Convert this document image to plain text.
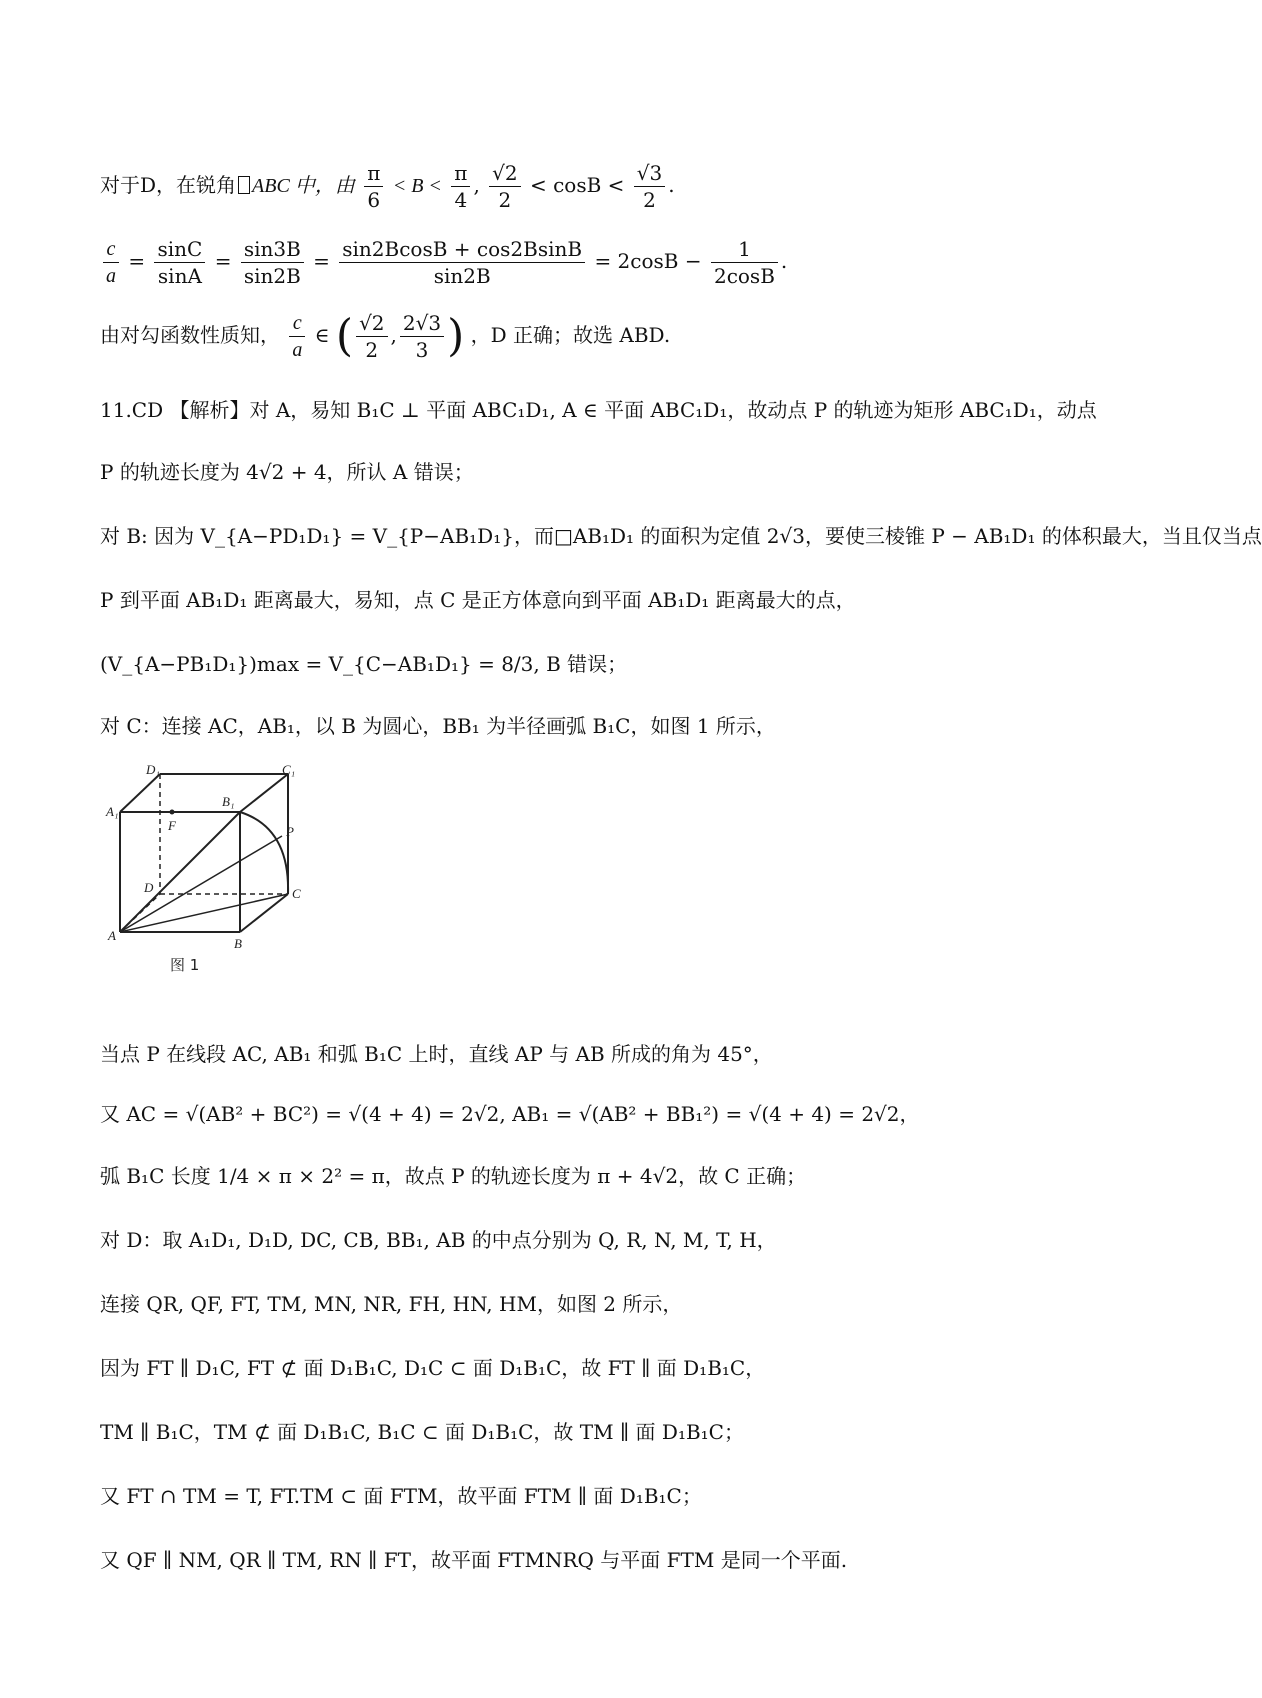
对于D，在锐角 ABC 中，由 $\frac{\pi}{6} < B < \frac{\pi}{4}$ , $\frac{√2}{2} < \cos B < \frac{√3}{2}$ .
$\frac{c}{a} = \frac{\sin C}{\sin A} = \frac{\sin 3B}{\sin 2B} = \frac{\sin 2BcosB + \cos 2BsinB}{\sin 2B} = 2\cos B - \frac{1}{2\cos B}$ .
由对勾函数性质知， $\frac{c}{a}$ ∈ ( $\frac{√2}{2}$ , $\frac{2√3}{3}$ ) ，D 正确；故选 ABD.
11.CD 【解析】对 A，易知 B₁C ⊥ 平面 ABC₁D₁, A ∈ 平面 ABC₁D₁，故动点 P 的轨迹为矩形 ABC₁D₁，动点
P 的轨迹长度为 4√2 + 4，所认 A 错误；
对 B: 因为 V_{A−PD₁D₁} = V_{P−AB₁D₁}，而□AB₁D₁ 的面积为定值 2√3，要使三棱锥 P − AB₁D₁ 的体积最大，当且仅当点
P 到平面 AB₁D₁ 距离最大，易知，点 C 是正方体意向到平面 AB₁D₁ 距离最大的点，
(V_{A−PB₁D₁})max = V_{C−AB₁D₁} = 8/3, B 错误；
对 C：连接 AC，AB₁，以 B 为圆心，BB₁ 为半径画弧 B₁C，如图 1 所示，
D₁	C₁
A₁
B₁
F	P
D	C
A
B
图 1
当点 P 在线段 AC, AB₁ 和弧 B₁C 上时，直线 AP 与 AB 所成的角为 45°，
又 AC = √(AB² + BC²) = √(4 + 4) = 2√2, AB₁ = √(AB² + BB₁²) = √(4 + 4) = 2√2，
弧 B₁C 长度 1/4 × π × 2² = π，故点 P 的轨迹长度为 π + 4√2，故 C 正确；
对 D：取 A₁D₁, D₁D, DC, CB, BB₁, AB 的中点分别为 Q, R, N, M, T, H，
连接 QR, QF, FT, TM, MN, NR, FH, HN, HM，如图 2 所示，
因为 FT ∥ D₁C, FT ⊄ 面 D₁B₁C, D₁C ⊂ 面 D₁B₁C，故 FT ∥ 面 D₁B₁C，
TM ∥ B₁C，TM ⊄ 面 D₁B₁C, B₁C ⊂ 面 D₁B₁C，故 TM ∥ 面 D₁B₁C；
又 FT ∩ TM = T, FT.TM ⊂ 面 FTM，故平面 FTM ∥ 面 D₁B₁C；
又 QF ∥ NM, QR ∥ TM, RN ∥ FT，故平面 FTMNRQ 与平面 FTM 是同一个平面.
